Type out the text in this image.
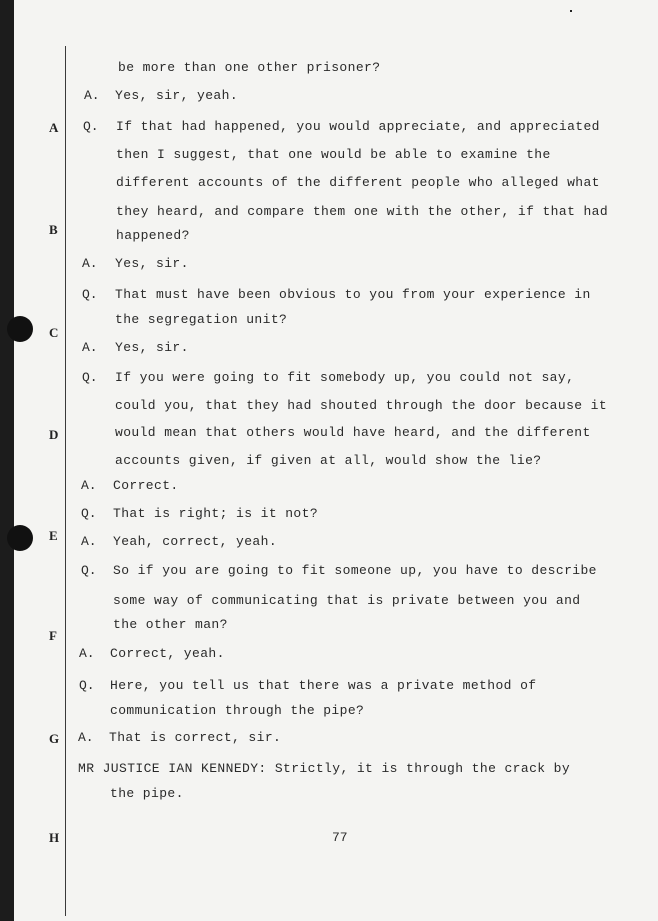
A
B
C
D
E
F
G
H
be more than one other prisoner?
A. Yes, sir, yeah.
Q. If that had happened, you would appreciate, and appreciated
then I suggest, that one would be able to examine the
different accounts of the different people who alleged what
they heard, and compare them one with the other, if that had
happened?
A. Yes, sir.
Q. That must have been obvious to you from your experience in
the segregation unit?
A. Yes, sir.
Q. If you were going to fit somebody up, you could not say,
could you, that they had shouted through the door because it
would mean that others would have heard, and the different
accounts given, if given at all, would show the lie?
A. Correct.
Q. That is right; is it not?
A. Yeah, correct, yeah.
Q. So if you are going to fit someone up, you have to describe
some way of communicating that is private between you and
the other man?
A. Correct, yeah.
Q. Here, you tell us that there was a private method of
communication through the pipe?
A. That is correct, sir.
MR JUSTICE IAN KENNEDY: Strictly, it is through the crack by
the pipe.
77
